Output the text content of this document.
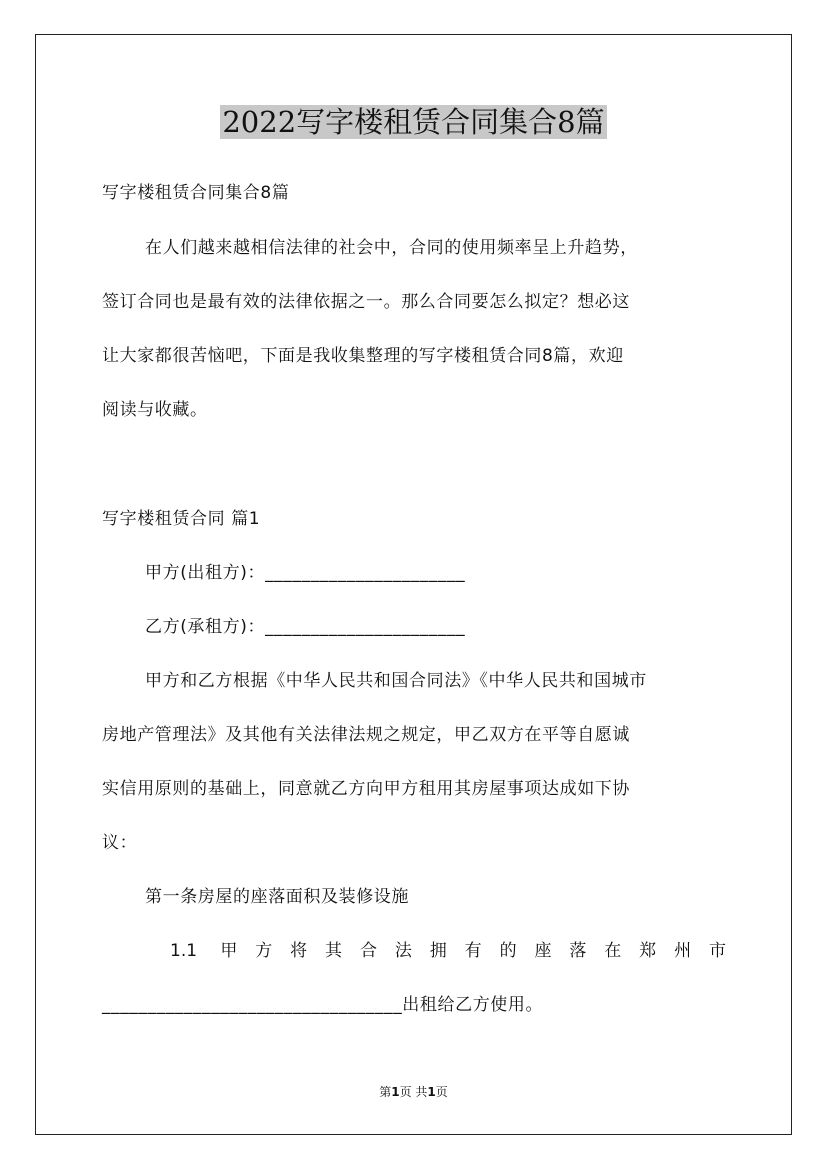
2022写字楼租赁合同集合8篇
写字楼租赁合同集合8篇
在人们越来越相信法律的社会中，合同的使用频率呈上升趋势，
签订合同也是最有效的法律依据之一。那么合同要怎么拟定？想必这
让大家都很苦恼吧，下面是我收集整理的写字楼租赁合同8篇，欢迎
阅读与收藏。
写字楼租赁合同 篇1
甲方(出租方)：______________________
乙方(承租方)：______________________
甲方和乙方根据《中华人民共和国合同法》《中华人民共和国城市
房地产管理法》及其他有关法律法规之规定，甲乙双方在平等自愿诚
实信用原则的基础上，同意就乙方向甲方租用其房屋事项达成如下协
议：
第一条房屋的座落面积及装修设施
1.1 甲方将其合法拥有的座落在郑州市
_________________________________出租给乙方使用。
第1页 共1页
